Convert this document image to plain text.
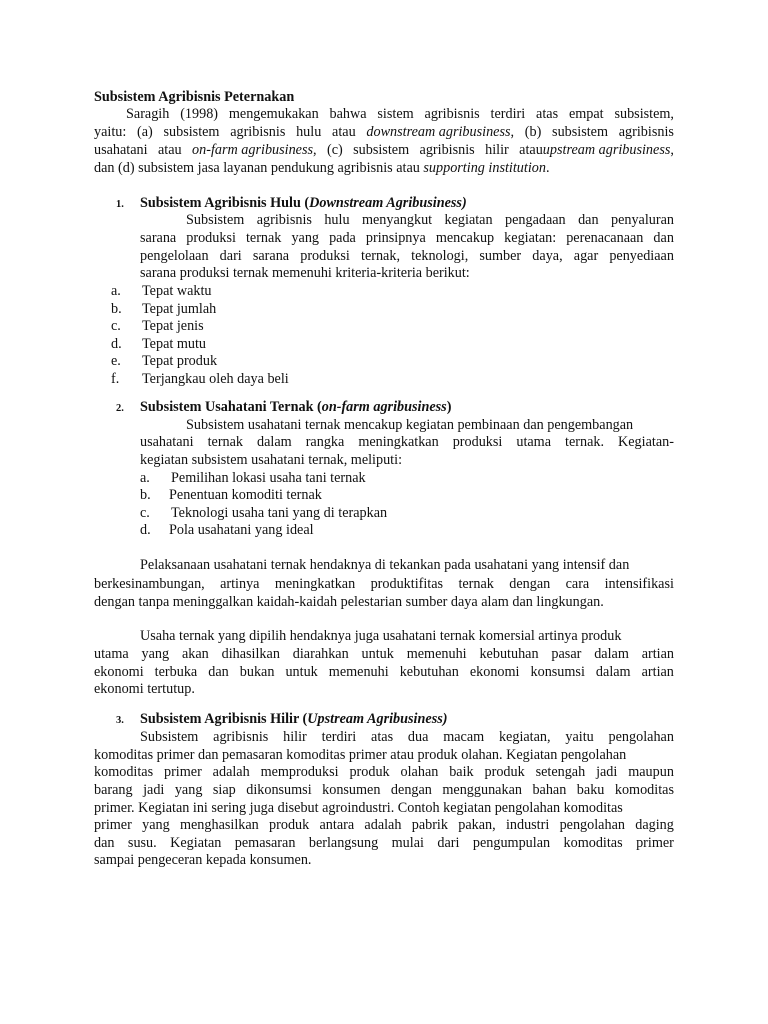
Subsistem Agribisnis Peternakan
Saragih (1998) mengemukakan bahwa sistem agribisnis terdiri atas empat subsistem,
yaitu: (a) subsistem agribisnis hulu atau downstream agribusiness, (b) subsistem agribisnis
usahatani atau on-farm agribusiness, (c) subsistem agribisnis hilir atauupstream agribusiness,
dan (d) subsistem jasa layanan pendukung agribisnis atau supporting institution.
1. Subsistem Agribisnis Hulu (Downstream Agribusiness)
Subsistem agribisnis hulu menyangkut kegiatan pengadaan dan penyaluran
sarana produksi ternak yang pada prinsipnya mencakup kegiatan: perenacanaan dan
pengelolaan dari sarana produksi ternak, teknologi, sumber daya, agar penyediaan
sarana produksi ternak memenuhi kriteria-kriteria berikut:
a. Tepat waktu
b. Tepat jumlah
c. Tepat jenis
d. Tepat mutu
e. Tepat produk
f. Terjangkau oleh daya beli
2. Subsistem Usahatani Ternak (on-farm agribusiness)
Subsistem usahatani ternak mencakup kegiatan pembinaan dan pengembangan
usahatani ternak dalam rangka meningkatkan produksi utama ternak. Kegiatan-
kegiatan subsistem usahatani ternak, meliputi:
a. Pemilihan lokasi usaha tani ternak
b. Penentuan komoditi ternak
c. Teknologi usaha tani yang di terapkan
d. Pola usahatani yang ideal
Pelaksanaan usahatani ternak hendaknya di tekankan pada usahatani yang intensif dan
berkesinambungan, artinya meningkatkan produktifitas ternak dengan cara intensifikasi
dengan tanpa meninggalkan kaidah-kaidah pelestarian sumber daya alam dan lingkungan.
Usaha ternak yang dipilih hendaknya juga usahatani ternak komersial artinya produk
utama yang akan dihasilkan diarahkan untuk memenuhi kebutuhan pasar dalam artian
ekonomi terbuka dan bukan untuk memenuhi kebutuhan ekonomi konsumsi dalam artian
ekonomi tertutup.
3. Subsistem Agribisnis Hilir (Upstream Agribusiness)
Subsistem agribisnis hilir terdiri atas dua macam kegiatan, yaitu pengolahan
komoditas primer dan pemasaran komoditas primer atau produk olahan. Kegiatan pengolahan
komoditas primer adalah memproduksi produk olahan baik produk setengah jadi maupun
barang jadi yang siap dikonsumsi konsumen dengan menggunakan bahan baku komoditas
primer. Kegiatan ini sering juga disebut agroindustri. Contoh kegiatan pengolahan komoditas
primer yang menghasilkan produk antara adalah pabrik pakan, industri pengolahan daging
dan susu. Kegiatan pemasaran berlangsung mulai dari pengumpulan komoditas primer
sampai pengeceran kepada konsumen.
